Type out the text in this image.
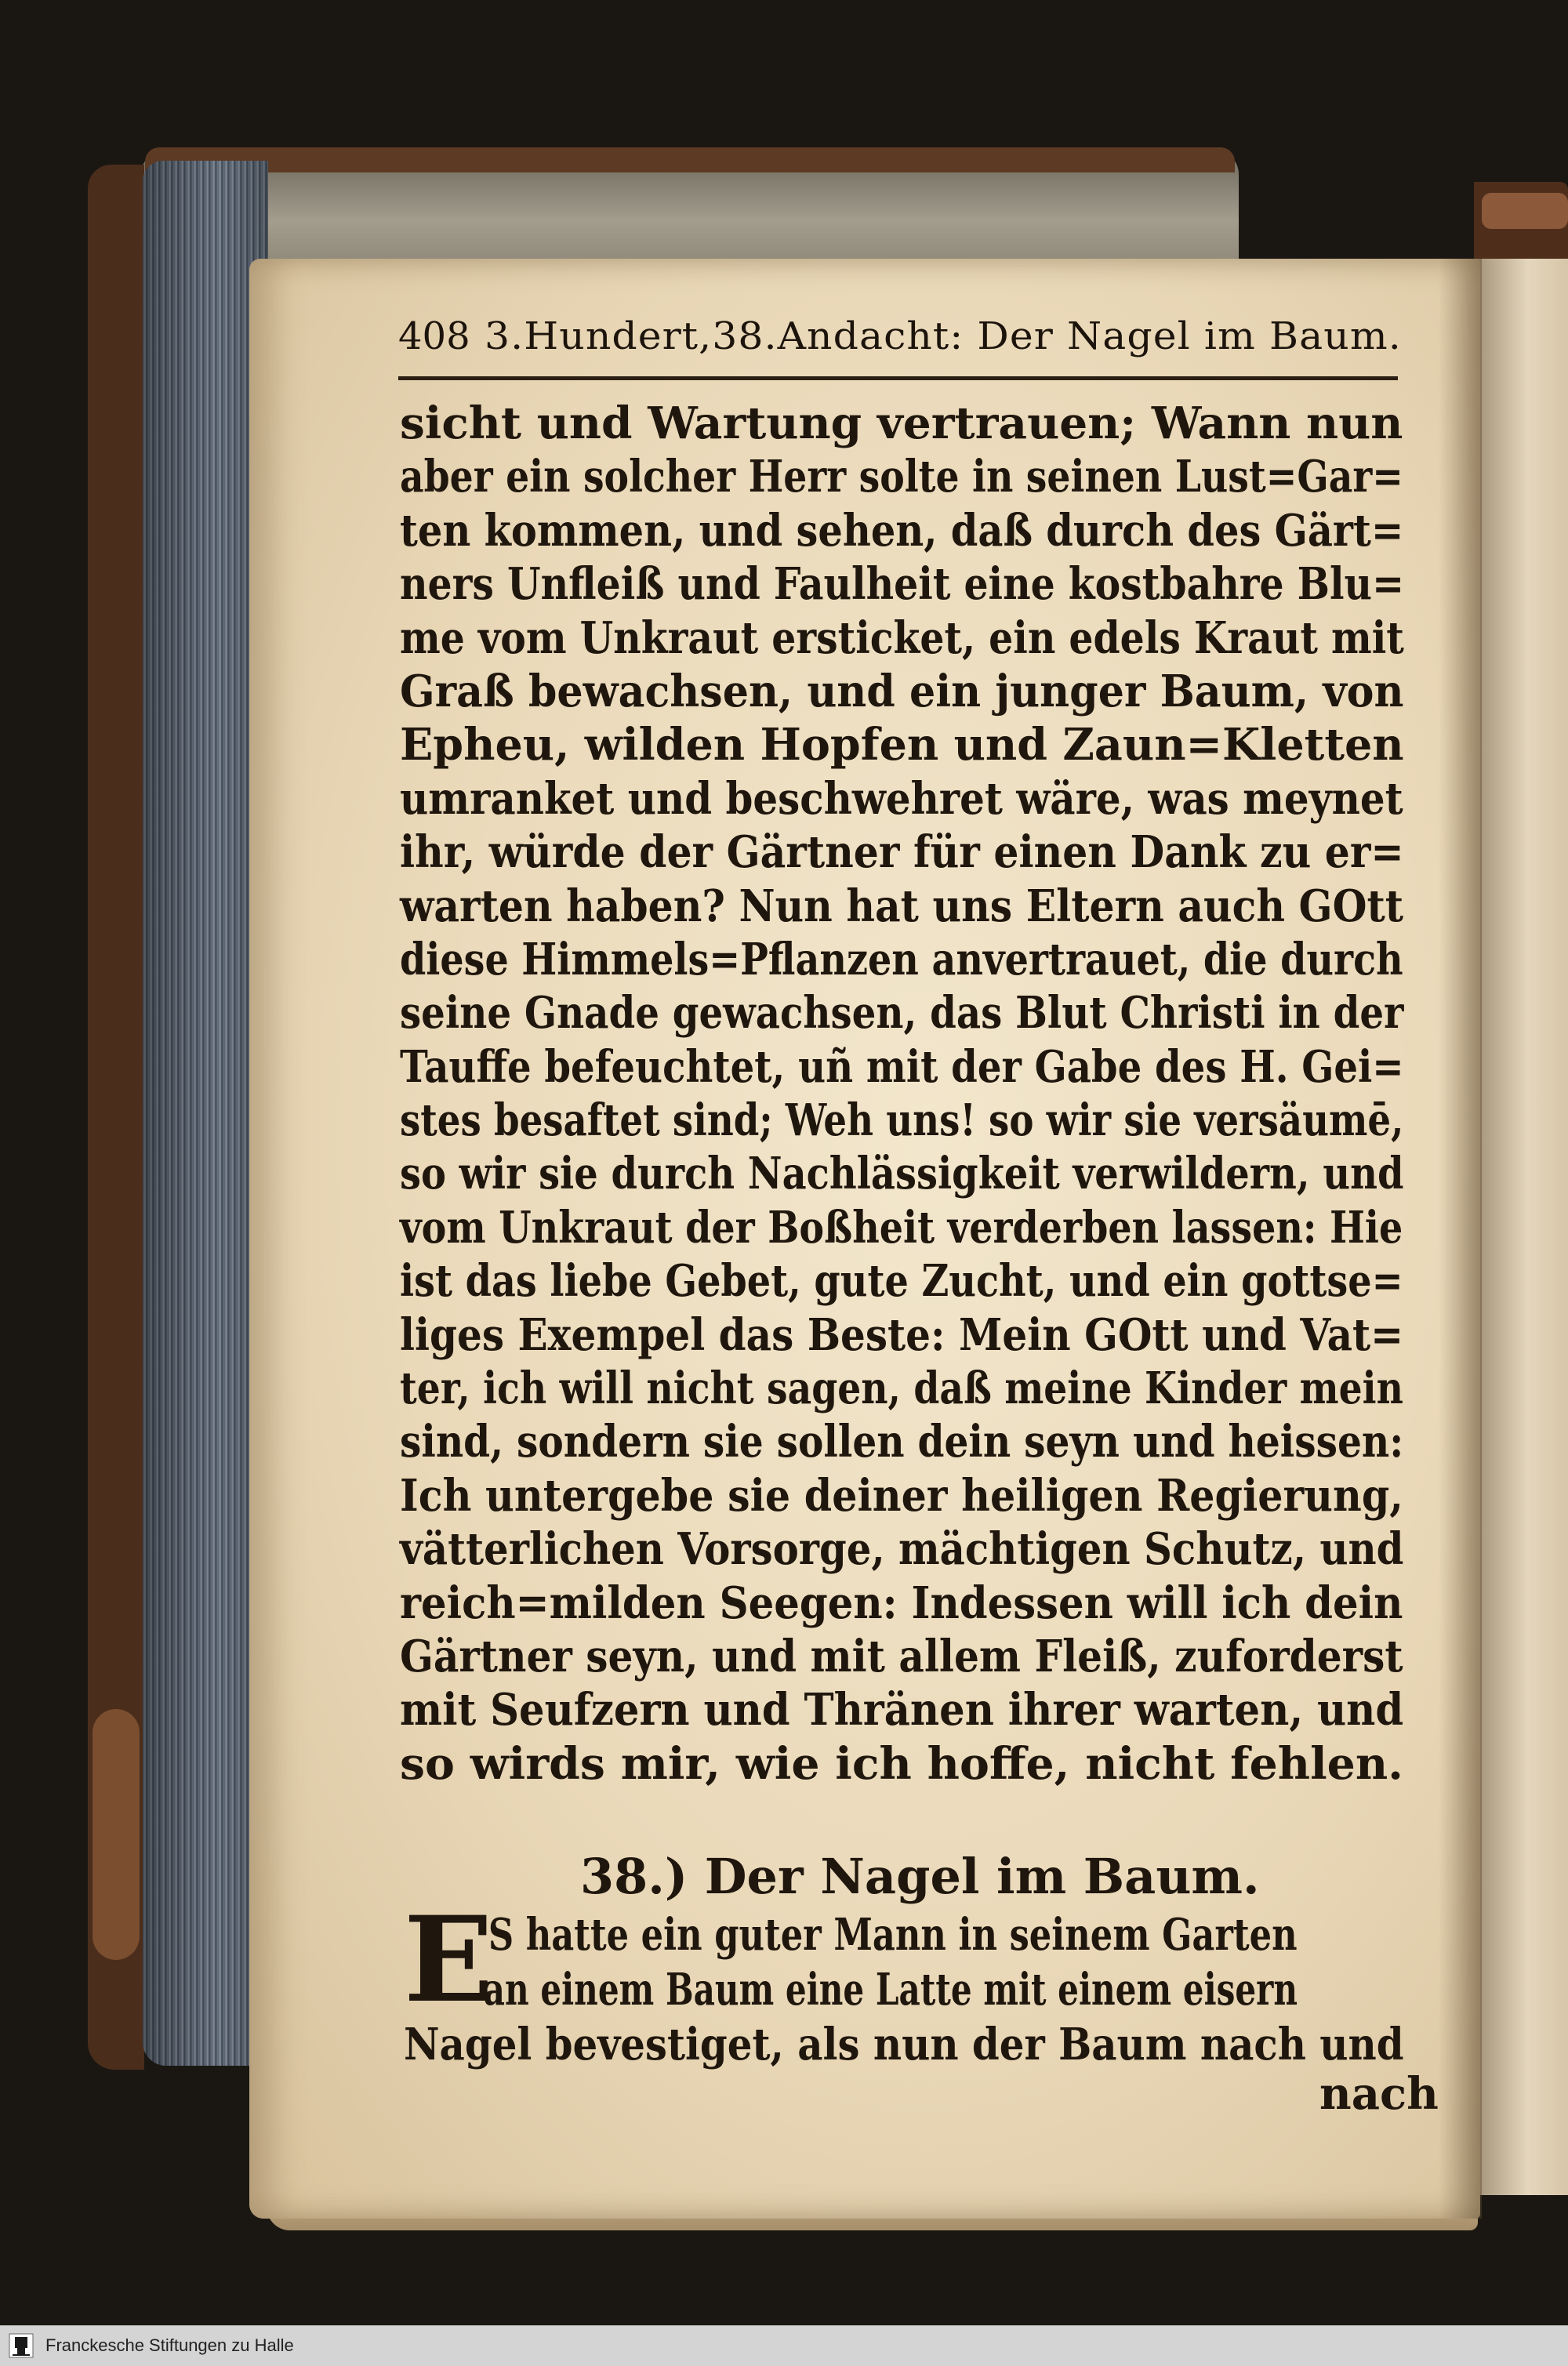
408 3.Hundert,38.Andacht: Der Nagel im Baum.
sicht und Wartung vertrauen; Wann nun
aber ein solcher Herr solte in seinen Lust=Gar=
ten kommen, und sehen, daß durch des Gärt=
ners Unfleiß und Faulheit eine kostbahre Blu=
me vom Unkraut ersticket, ein edels Kraut mit
Graß bewachsen, und ein junger Baum, von
Epheu, wilden Hopfen und Zaun=Kletten
umranket und beschwehret wäre, was meynet
ihr, würde der Gärtner für einen Dank zu er=
warten haben? Nun hat uns Eltern auch GOtt
diese Himmels=Pflanzen anvertrauet, die durch
seine Gnade gewachsen, das Blut Christi in der
Tauffe befeuchtet, uñ mit der Gabe des H. Gei=
stes besaftet sind; Weh uns! so wir sie versäumē,
so wir sie durch Nachlässigkeit verwildern, und
vom Unkraut der Boßheit verderben lassen: Hie
ist das liebe Gebet, gute Zucht, und ein gottse=
liges Exempel das Beste: Mein GOtt und Vat=
ter, ich will nicht sagen, daß meine Kinder mein
sind, sondern sie sollen dein seyn und heissen:
Ich untergebe sie deiner heiligen Regierung,
vätterlichen Vorsorge, mächtigen Schutz, und
reich=milden Seegen: Indessen will ich dein
Gärtner seyn, und mit allem Fleiß, zuforderst
mit Seufzern und Thränen ihrer warten, und
so wirds mir, wie ich hoffe, nicht fehlen.
38.) Der Nagel im Baum.
E
S hatte ein guter Mann in seinem Garten
an einem Baum eine Latte mit einem eisern
Nagel bevestiget, als nun der Baum nach und
nach
Franckesche Stiftungen zu Halle
